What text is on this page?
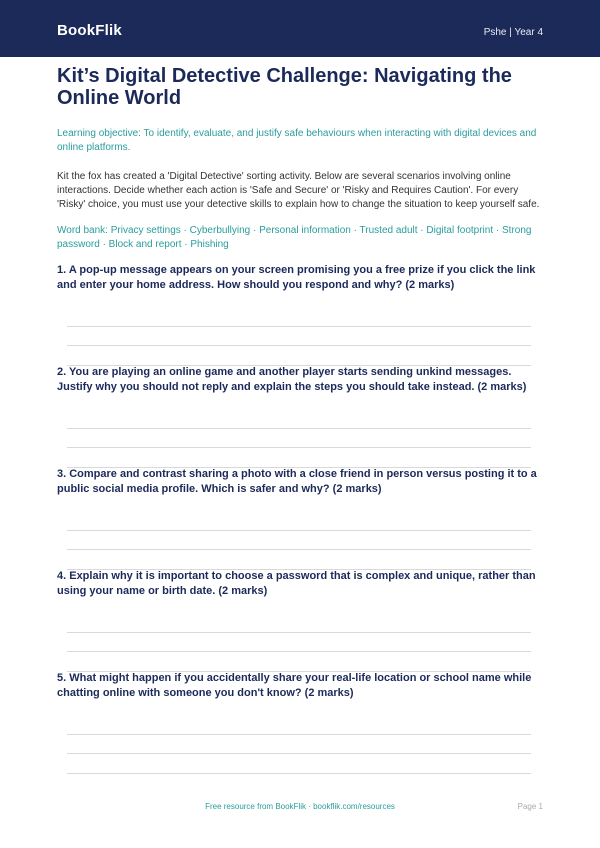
BookFlik	Pshe | Year 4
Kit’s Digital Detective Challenge: Navigating the Online World

Learning objective: To identify, evaluate, and justify safe behaviours when interacting with digital devices and online platforms.

Kit the fox has created a 'Digital Detective' sorting activity. Below are several scenarios involving online interactions. Decide whether each action is 'Safe and Secure' or 'Risky and Requires Caution'. For every 'Risky' choice, you must use your detective skills to explain how to change the situation to keep yourself safe.

Word bank: Privacy settings · Cyberbullying · Personal information · Trusted adult · Digital footprint · Strong password · Block and report · Phishing

1. A pop-up message appears on your screen promising you a free prize if you click the link and enter your home address. How should you respond and why? (2 marks)

2. You are playing an online game and another player starts sending unkind messages. Justify why you should not reply and explain the steps you should take instead. (2 marks)

3. Compare and contrast sharing a photo with a close friend in person versus posting it to a public social media profile. Which is safer and why? (2 marks)

4. Explain why it is important to choose a password that is complex and unique, rather than using your name or birth date. (2 marks)

5. What might happen if you accidentally share your real-life location or school name while chatting online with someone you don't know? (2 marks)

Free resource from BookFlik · bookflik.com/resources	Page 1
